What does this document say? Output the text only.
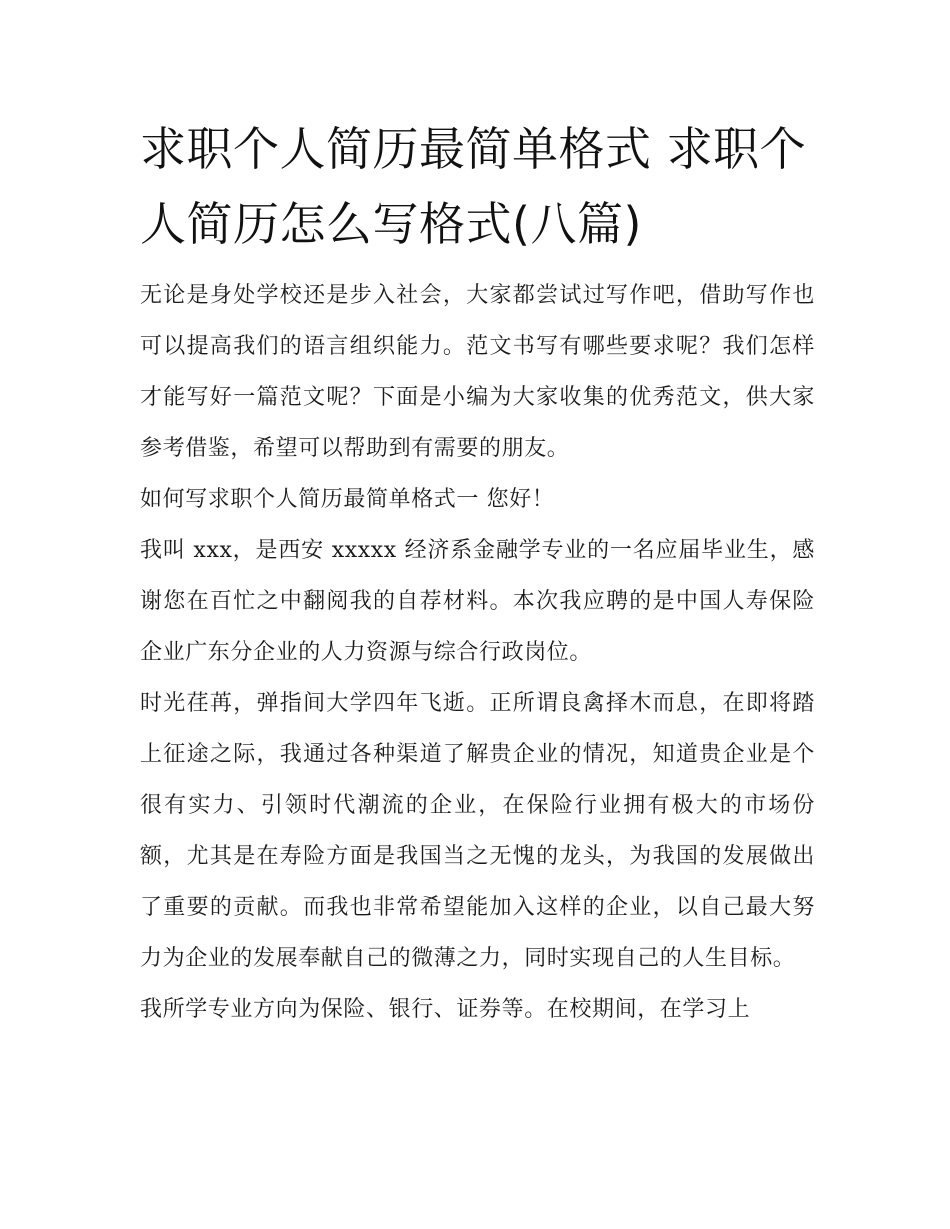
求职个人简历最简单格式 求职个人简历怎么写格式(八篇)

无论是身处学校还是步入社会，大家都尝试过写作吧，借助写作也可以提高我们的语言组织能力。范文书写有哪些要求呢？我们怎样才能写好一篇范文呢？下面是小编为大家收集的优秀范文，供大家参考借鉴，希望可以帮助到有需要的朋友。

如何写求职个人简历最简单格式一 您好！

我叫 xxx，是西安 xxxxx 经济系金融学专业的一名应届毕业生，感谢您在百忙之中翻阅我的自荐材料。本次我应聘的是中国人寿保险企业广东分企业的人力资源与综合行政岗位。

时光荏苒，弹指间大学四年飞逝。正所谓良禽择木而息，在即将踏上征途之际，我通过各种渠道了解贵企业的情况，知道贵企业是个很有实力、引领时代潮流的企业，在保险行业拥有极大的市场份额，尤其是在寿险方面是我国当之无愧的龙头，为我国的发展做出了重要的贡献。而我也非常希望能加入这样的企业，以自己最大努力为企业的发展奉献自己的微薄之力，同时实现自己的人生目标。

我所学专业方向为保险、银行、证券等。在校期间，在学习上
